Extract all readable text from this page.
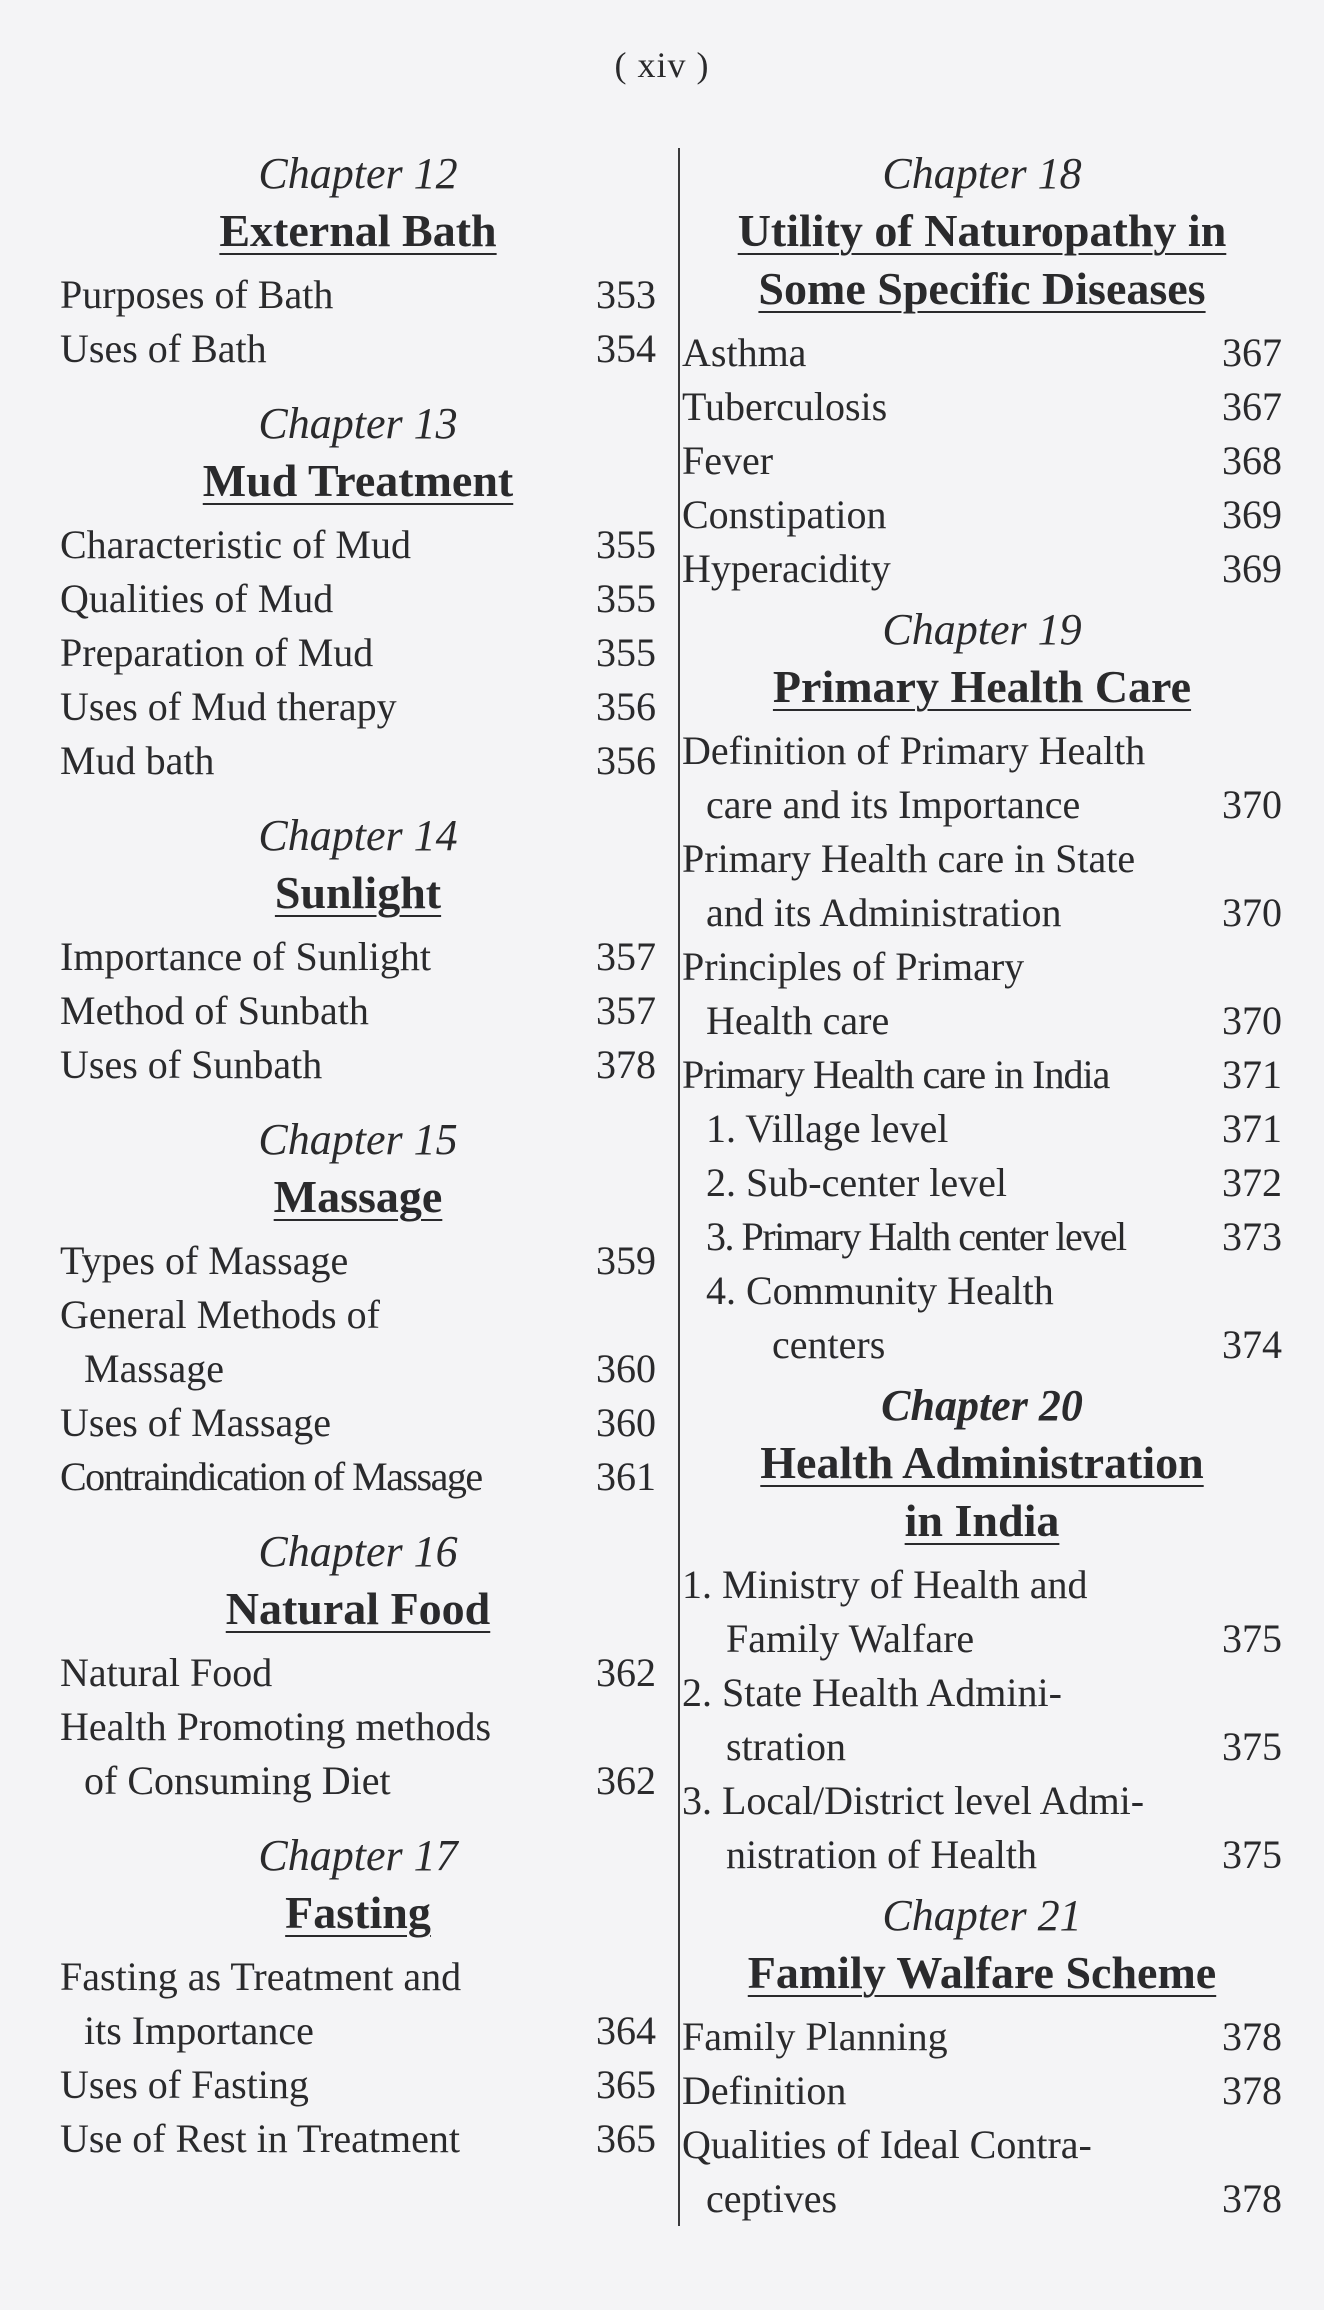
( xiv )
Chapter 12
External Bath
Purposes of Bath	353
Uses of Bath	354
Chapter 13
Mud Treatment
Characteristic of Mud	355
Qualities of Mud	355
Preparation of Mud	355
Uses of Mud therapy	356
Mud bath	356
Chapter 14
Sunlight
Importance of Sunlight	357
Method of Sunbath	357
Uses of Sunbath	378
Chapter 15
Massage
Types of Massage	359
General Methods of
Massage	360
Uses of Massage	360
Contraindication of Massage	361
Chapter 16
Natural Food
Natural Food	362
Health Promoting methods
of Consuming Diet	362
Chapter 17
Fasting
Fasting as Treatment and
its Importance	364
Uses of Fasting	365
Use of Rest in Treatment	365
Chapter 18
Utility of Naturopathy in
Some Specific Diseases
Asthma	367
Tuberculosis	367
Fever	368
Constipation	369
Hyperacidity	369
Chapter 19
Primary Health Care
Definition of Primary Health
care and its Importance	370
Primary Health care in State
and its Administration	370
Principles of Primary
Health care	370
Primary Health care in India	371
1. Village level	371
2. Sub-center level	372
3. Primary Halth center level	373
4. Community Health
centers	374
Chapter 20
Health Administration
in India
1. Ministry of Health and
Family Walfare	375
2. State Health Admini-
stration	375
3. Local/District level Admi-
nistration of Health	375
Chapter 21
Family Walfare Scheme
Family Planning	378
Definition	378
Qualities of Ideal Contra-
ceptives	378
